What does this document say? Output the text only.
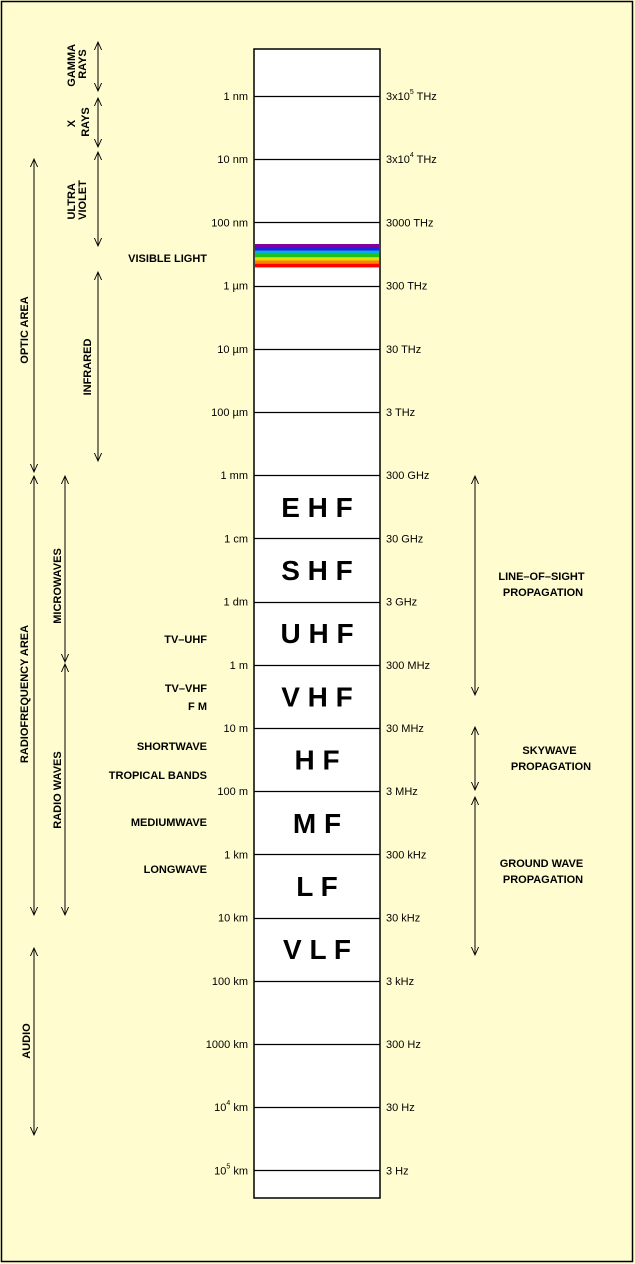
1 nm
10 nm
100 nm
1 µm
10 µm
100 µm
1 mm
1 cm
1 dm
1 m
10 m
100 m
1 km
10 km
100 km
1000 km
$10^4$ km
$10^5$ km
$3x10^5$ THz
$3x10^4$ THz
3000 THz
300 THz
30 THz
3 THz
300 GHz
30 GHz
3 GHz
300 MHz
30 MHz
3 MHz
300 kHz
30 kHz
3 kHz
300 Hz
30 Hz
3 Hz
E H F
S H F
U H F
V H F
H F
M F
L F
V L F
GAMMA RAYS
X RAYS
ULTRA VIOLET
INFRARED
OPTIC AREA
RADIOFREQUENCY AREA
MICROWAVES
RADIO WAVES
AUDIO
VISIBLE LIGHT
TV–UHF
TV–VHF
F M
SHORTWAVE
TROPICAL BANDS
MEDIUMWAVE
LONGWAVE
LINE–OF–SIGHT PROPAGATION
SKYWAVE PROPAGATION
GROUND WAVE PROPAGATION
